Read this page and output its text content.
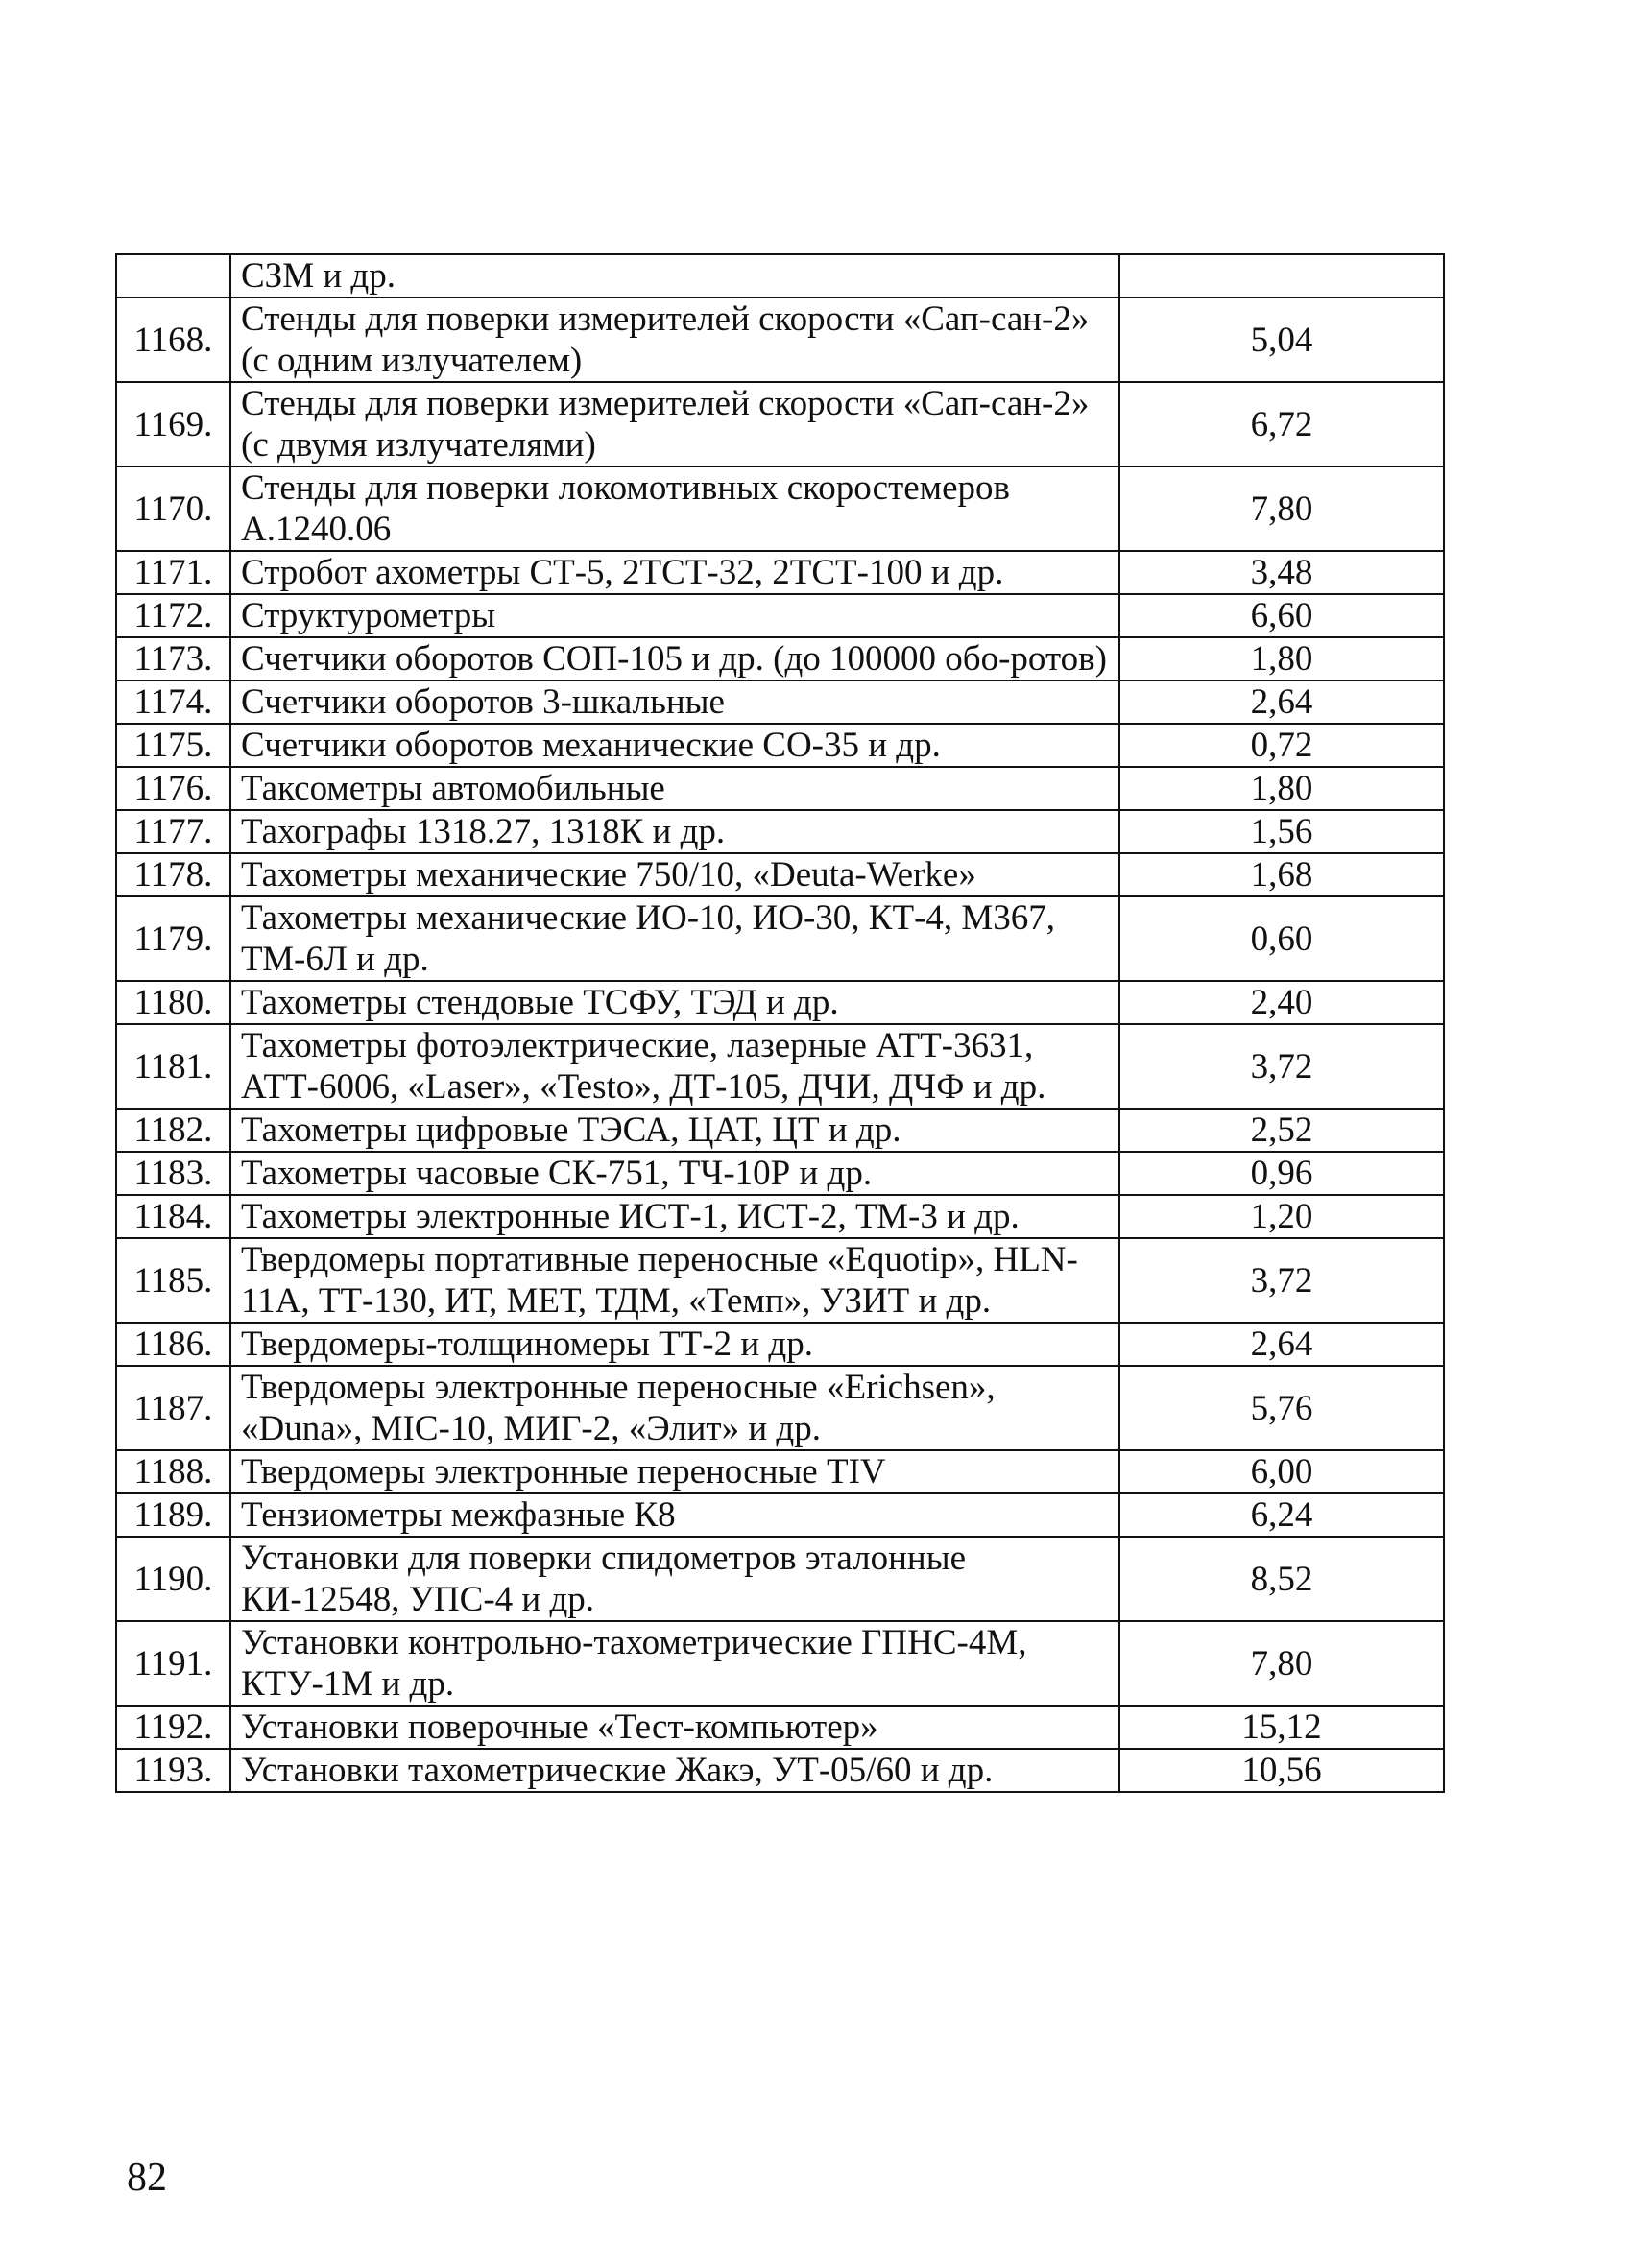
	СЗМ и др.	
1168.	Стенды для поверки измерителей скорости «Сап-сан-2» (с одним излучателем)	5,04
1169.	Стенды для поверки измерителей скорости «Сап-сан-2» (с двумя излучателями)	6,72
1170.	Стенды для поверки локомотивных скоростемеров А.1240.06	7,80
1171.	Стробот ахометры СТ-5, 2ТСТ-32, 2ТСТ-100 и др.	3,48
1172.	Структурометры	6,60
1173.	Счетчики оборотов СОП-105 и др. (до 100000 обо-ротов)	1,80
1174.	Счетчики оборотов 3-шкальные	2,64
1175.	Счетчики оборотов механические СО-35 и др.	0,72
1176.	Таксометры автомобильные	1,80
1177.	Тахографы 1318.27, 1318К и др.	1,56
1178.	Тахометры механические 750/10, «Deuta-Werke»	1,68
1179.	Тахометры механические ИО-10, ИО-30, КТ-4, М367, ТМ-6Л и др.	0,60
1180.	Тахометры стендовые ТСФУ, ТЭД и др.	2,40
1181.	Тахометры фотоэлектрические, лазерные АТТ-3631, АТТ-6006, «Laser», «Testo», ДТ-105, ДЧИ, ДЧФ и др.	3,72
1182.	Тахометры цифровые ТЭСА, ЦАТ, ЦТ и др.	2,52
1183.	Тахометры часовые СК-751, ТЧ-10Р и др.	0,96
1184.	Тахометры электронные ИСТ-1, ИСТ-2, ТМ-3 и др.	1,20
1185.	Твердомеры портативные переносные «Equotip», HLN-11A, ТТ-130, ИТ, МЕТ, ТДМ, «Темп», УЗИТ и др.	3,72
1186.	Твердомеры-толщиномеры ТТ-2 и др.	2,64
1187.	Твердомеры электронные переносные «Erichsen», «Duna», MIC-10, МИГ-2, «Элит» и др.	5,76
1188.	Твердомеры электронные переносные TIV	6,00
1189.	Тензиометры межфазные К8	6,24
1190.	Установки для поверки спидометров эталонные КИ-12548, УПС-4 и др.	8,52
1191.	Установки контрольно-тахометрические ГПНС-4М, КТУ-1М и др.	7,80
1192.	Установки поверочные «Тест-компьютер»	15,12
1193.	Установки тахометрические Жакэ, УТ-05/60 и др.	10,56
82
